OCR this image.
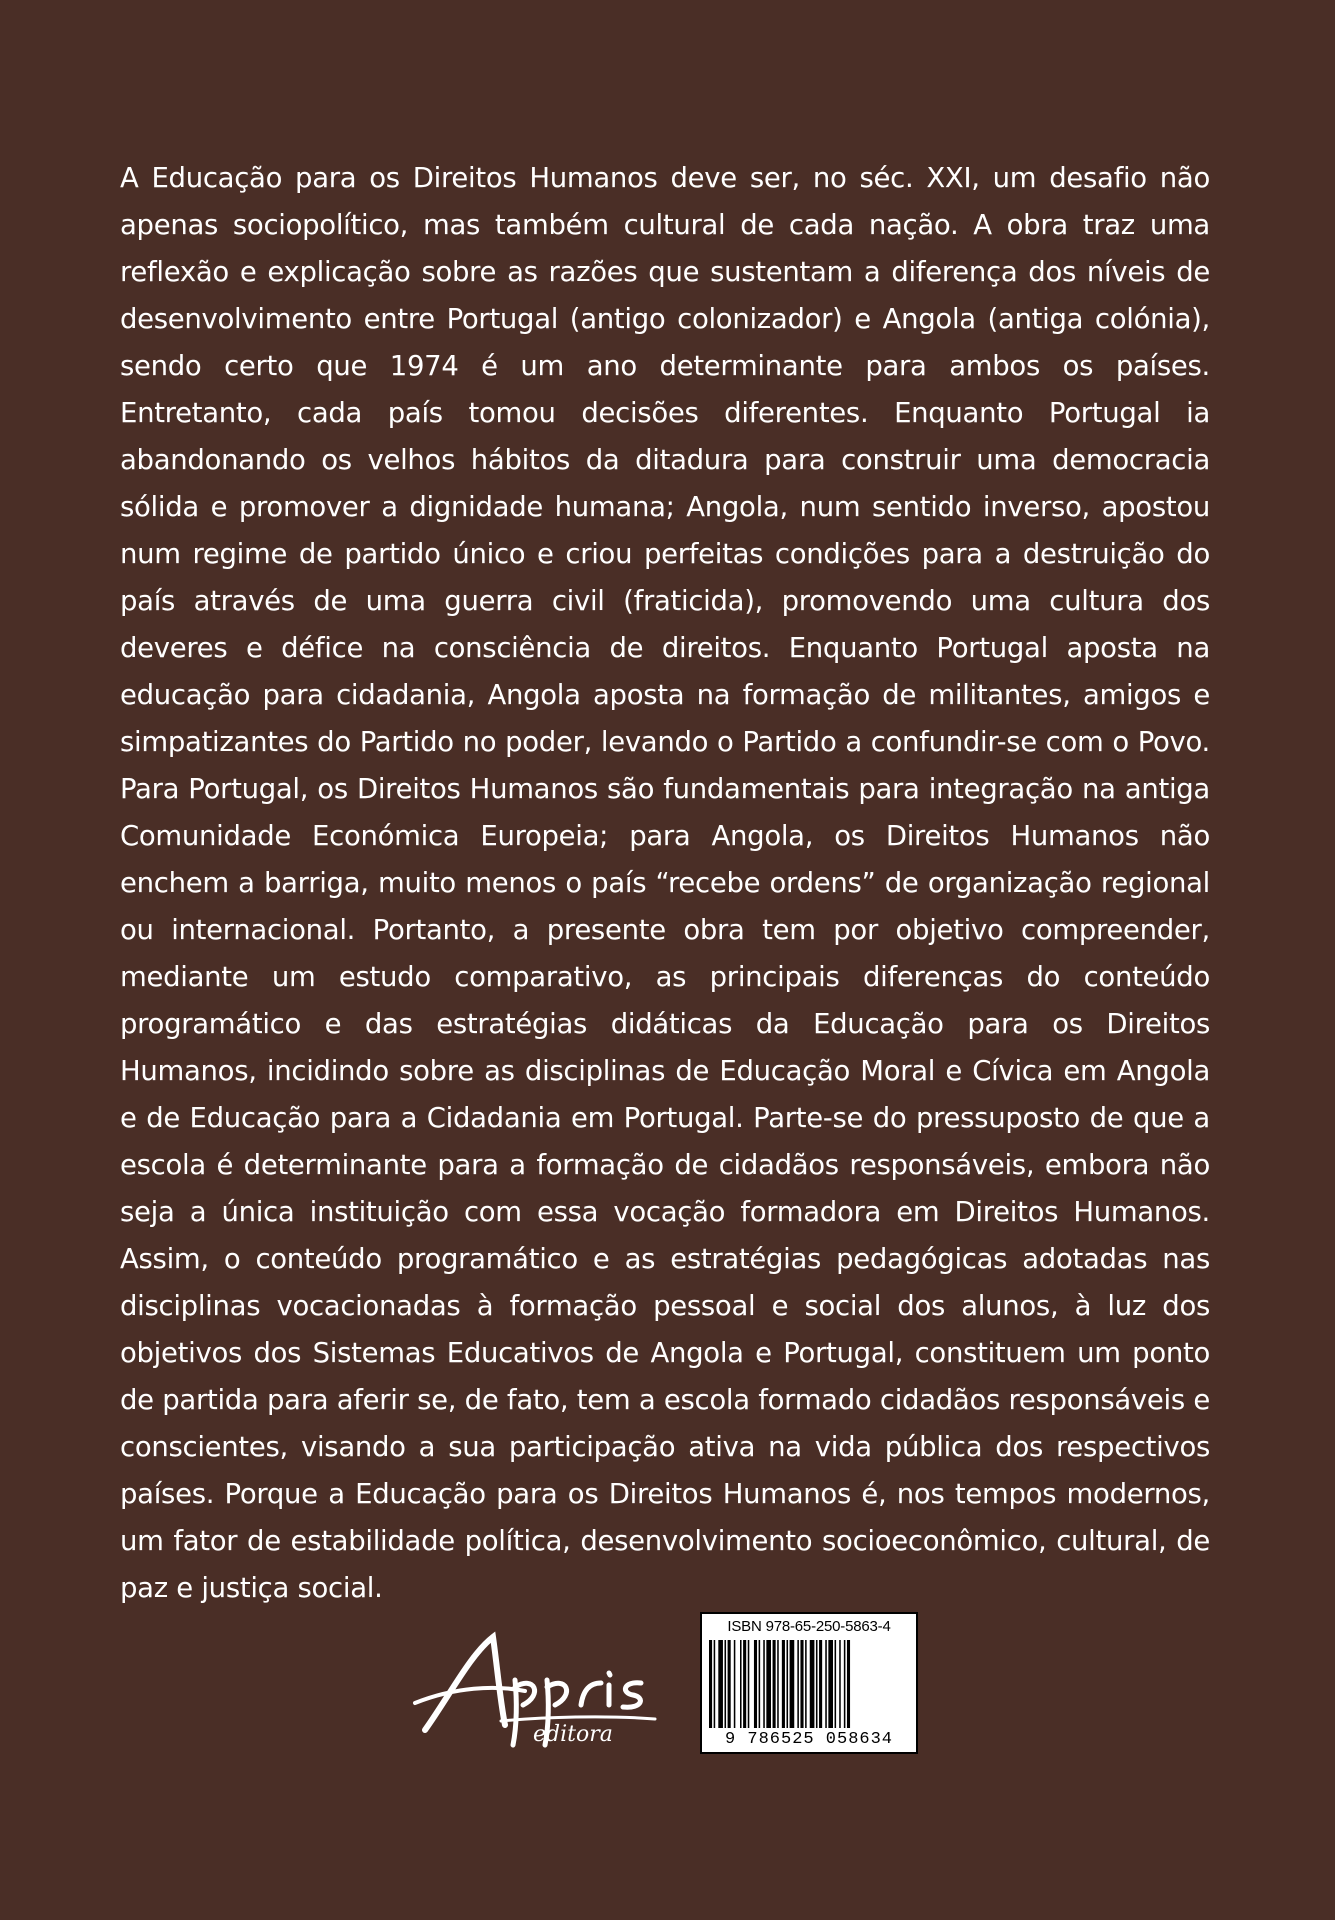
A Educação para os Direitos Humanos deve ser, no séc. XXI, um desafio não apenas sociopolítico, mas também cultural de cada nação. A obra traz uma reflexão e explicação sobre as razões que sustentam a diferença dos níveis de desenvolvimento entre Portugal (antigo colonizador) e Angola (antiga colónia), sendo certo que 1974 é um ano determinante para ambos os países. Entretanto, cada país tomou decisões diferentes. Enquanto Portugal ia abandonando os velhos hábitos da ditadura para construir uma democracia sólida e promover a dignidade humana; Angola, num sentido inverso, apostou num regime de partido único e criou perfeitas condições para a destruição do país através de uma guerra civil (fraticida), promovendo uma cultura dos deveres e défice na consciência de direitos. Enquanto Portugal aposta na educação para cidadania, Angola aposta na formação de militantes, amigos e simpatizantes do Partido no poder, levando o Partido a confundir-se com o Povo. Para Portugal, os Direitos Humanos são fundamentais para integração na antiga Comunidade Económica Europeia; para Angola, os Direitos Humanos não enchem a barriga, muito menos o país “recebe ordens” de organização regional ou internacional. Portanto, a presente obra tem por objetivo compreender, mediante um estudo comparativo, as principais diferenças do conteúdo programático e das estratégias didáticas da Educação para os Direitos Humanos, incidindo sobre as disciplinas de Educação Moral e Cívica em Angola e de Educação para a Cidadania em Portugal. Parte-se do pressuposto de que a escola é determinante para a formação de cidadãos responsáveis, embora não seja a única instituição com essa vocação formadora em Direitos Humanos. Assim, o conteúdo programático e as estratégias pedagógicas adotadas nas disciplinas vocacionadas à formação pessoal e social dos alunos, à luz dos objetivos dos Sistemas Educativos de Angola e Portugal, constituem um ponto de partida para aferir se, de fato, tem a escola formado cidadãos responsáveis e conscientes, visando a sua participação ativa na vida pública dos respectivos países. Porque a Educação para os Direitos Humanos é, nos tempos modernos, um fator de estabilidade política, desenvolvimento socioeconômico, cultural, de paz e justiça social.

editora
ISBN 978-65-250-5863-4
9 786525 058634
